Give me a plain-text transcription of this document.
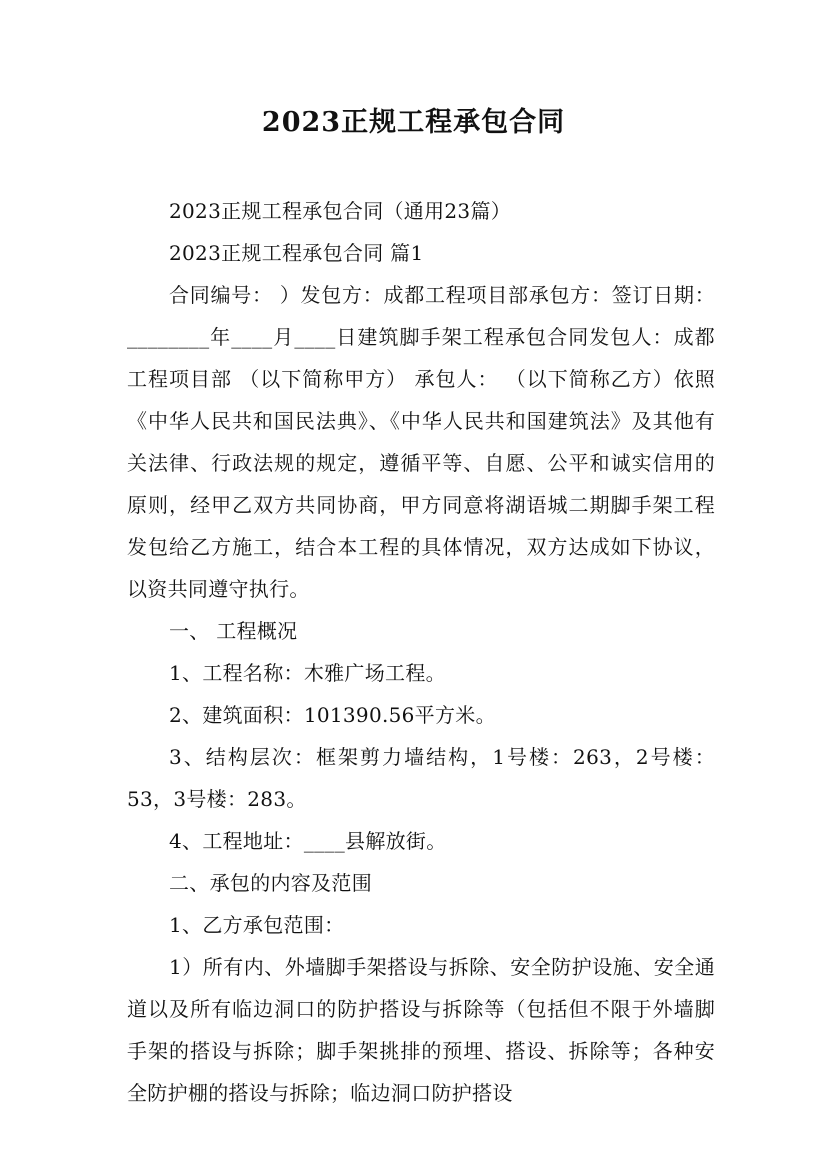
2023正规工程承包合同

2023正规工程承包合同（通用23篇）

2023正规工程承包合同 篇1

合同编号： ）发包方：成都工程项目部承包方：签订日期：________年____月____日建筑脚手架工程承包合同发包人：成都工程项目部 （以下简称甲方） 承包人： （以下简称乙方）依照《中华人民共和国民法典》、《中华人民共和国建筑法》及其他有关法律、行政法规的规定，遵循平等、自愿、公平和诚实信用的原则，经甲乙双方共同协商，甲方同意将湖语城二期脚手架工程发包给乙方施工，结合本工程的具体情况，双方达成如下协议，以资共同遵守执行。

一、 工程概况

1、工程名称：木雅广场工程。

2、建筑面积：101390.56平方米。

3、结构层次：框架剪力墙结构，1号楼：263，2号楼：53，3号楼：283。

4、工程地址：____县解放街。

二、承包的内容及范围

1、乙方承包范围：

1）所有内、外墙脚手架搭设与拆除、安全防护设施、安全通道以及所有临边洞口的防护搭设与拆除等（包括但不限于外墙脚手架的搭设与拆除；脚手架挑排的预埋、搭设、拆除等；各种安全防护棚的搭设与拆除；临边洞口防护搭设
